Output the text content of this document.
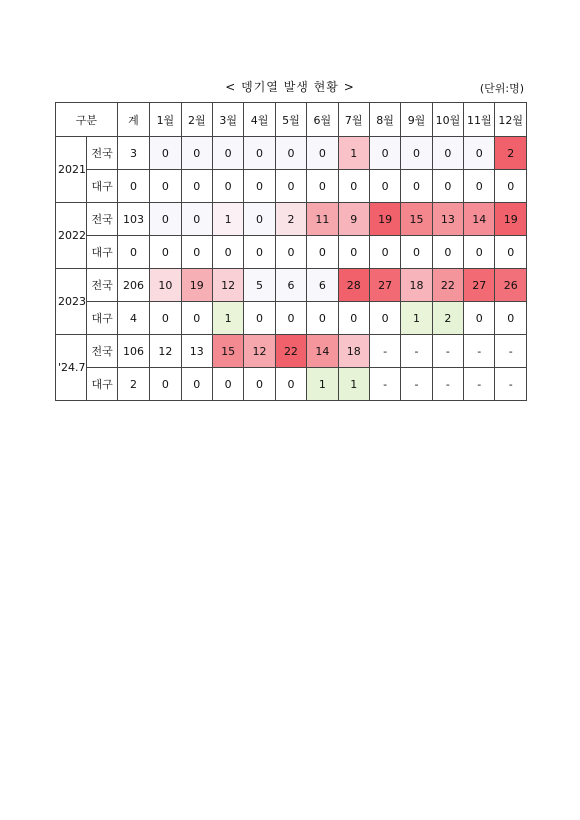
< 뎅기열 발생 현황 >	(단위:명)
구분		계	1월	2월	3월	4월	5월	6월	7월	8월	9월	10월	11월	12월
2021	전국	3	0	0	0	0	0	0	1	0	0	0	0	2
	대구	0	0	0	0	0	0	0	0	0	0	0	0	0
2022	전국	103	0	0	1	0	2	11	9	19	15	13	14	19
	대구	0	0	0	0	0	0	0	0	0	0	0	0	0
2023	전국	206	10	19	12	5	6	6	28	27	18	22	27	26
	대구	4	0	0	1	0	0	0	0	0	1	2	0	0
'24.7	전국	106	12	13	15	12	22	14	18	-	-	-	-	-
	대구	2	0	0	0	0	0	1	1	-	-	-	-	-
